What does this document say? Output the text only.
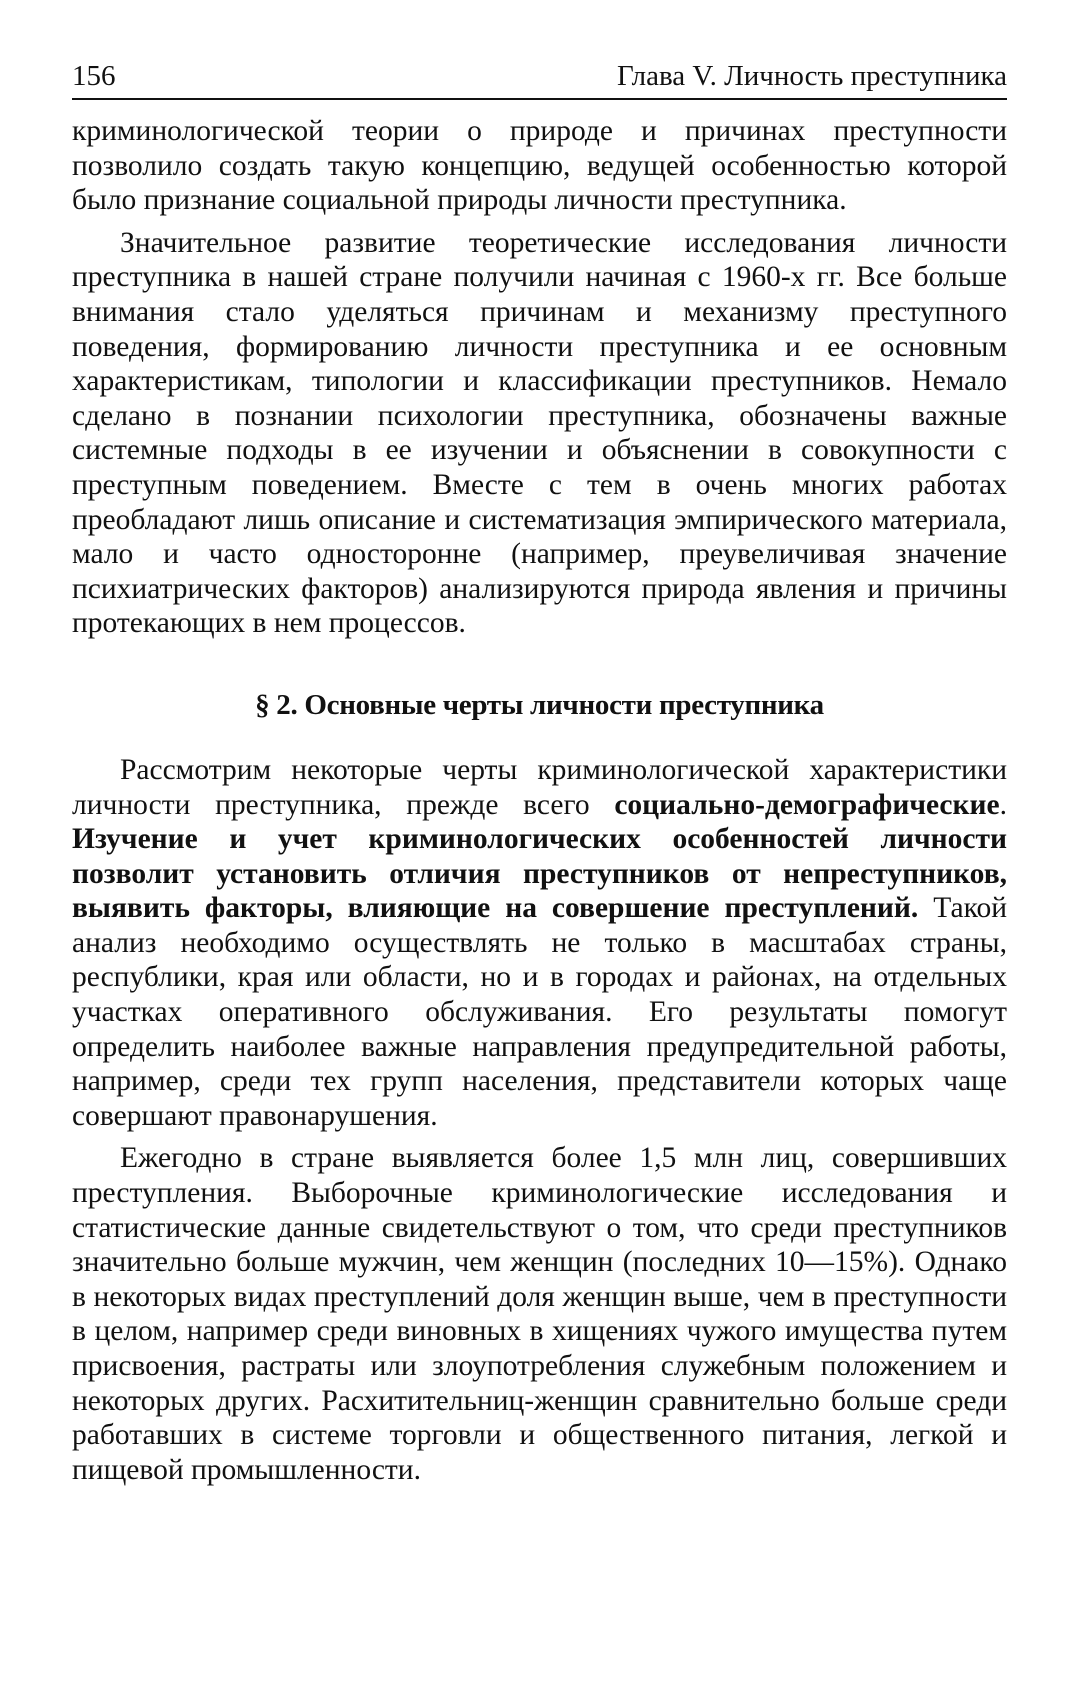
156	Глава V. Личность преступника

криминологической теории о природе и причинах преступности позволило создать такую концепцию, ведущей особенностью которой было признание социальной природы личности преступника.

Значительное развитие теоретические исследования личности преступника в нашей стране получили начиная с 1960-х гг. Все больше внимания стало уделяться причинам и механизму преступного поведения, формированию личности преступника и ее основным характеристикам, типологии и классификации преступников. Немало сделано в познании психологии преступника, обозначены важные системные подходы в ее изучении и объяснении в совокупности с преступным поведением. Вместе с тем в очень многих работах преобладают лишь описание и систематизация эмпирического материала, мало и часто односторонне (например, преувеличивая значение психиатрических факторов) анализируются природа явления и причины протекающих в нем процессов.

§ 2. Основные черты личности преступника

Рассмотрим некоторые черты криминологической характеристики личности преступника, прежде всего социально-демографические. Изучение и учет криминологических особенностей личности позволит установить отличия преступников от непреступников, выявить факторы, влияющие на совершение преступлений. Такой анализ необходимо осуществлять не только в масштабах страны, республики, края или области, но и в городах и районах, на отдельных участках оперативного обслуживания. Его результаты помогут определить наиболее важные направления предупредительной работы, например, среди тех групп населения, представители которых чаще совершают правонарушения.

Ежегодно в стране выявляется более 1,5 млн лиц, совершивших преступления. Выборочные криминологические исследования и статистические данные свидетельствуют о том, что среди преступников значительно больше мужчин, чем женщин (последних 10—15%). Однако в некоторых видах преступлений доля женщин выше, чем в преступности в целом, например среди виновных в хищениях чужого имущества путем присвоения, растраты или злоупотребления служебным положением и некоторых других. Расхитительниц-женщин сравнительно больше среди работавших в системе торговли и общественного питания, легкой и пищевой промышленности.
